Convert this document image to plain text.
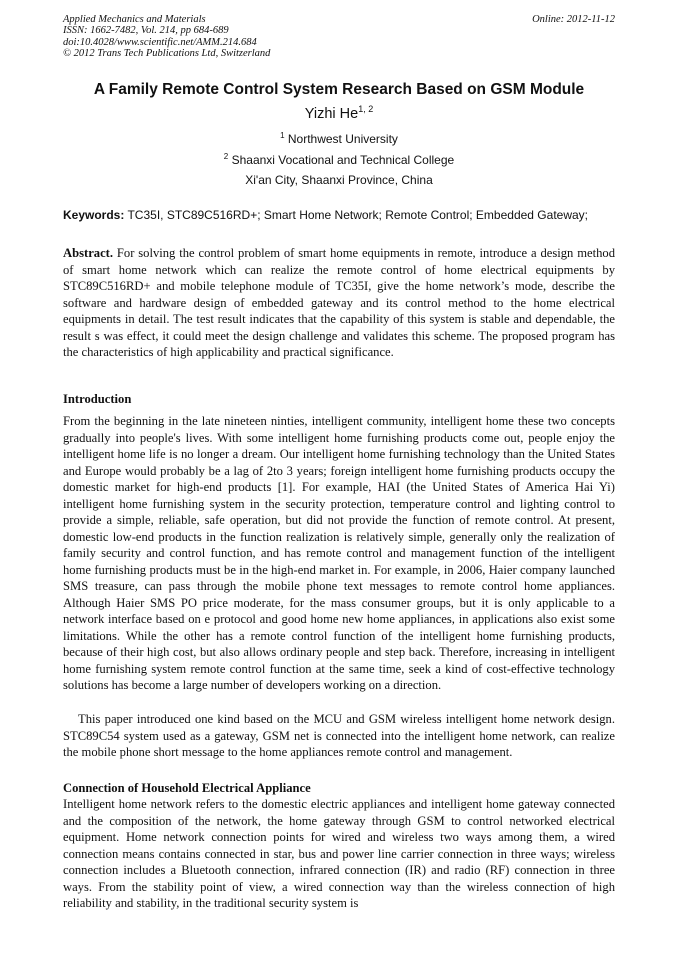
Applied Mechanics and Materials
ISSN: 1662-7482, Vol. 214, pp 684-689
doi:10.4028/www.scientific.net/AMM.214.684
© 2012 Trans Tech Publications Ltd, Switzerland
Online: 2012-11-12
A Family Remote Control System Research Based on GSM Module
Yizhi He$^{1, 2}$
$^1$ Northwest University
$^2$ Shaanxi Vocational and Technical College
Xi'an City, Shaanxi Province, China
Keywords: TC35I, STC89C516RD+; Smart Home Network; Remote Control; Embedded Gateway;

Abstract. For solving the control problem of smart home equipments in remote, introduce a design method of smart home network which can realize the remote control of home electrical equipments by STC89C516RD+ and mobile telephone module of TC35I, give the home network’s mode, describe the software and hardware design of embedded gateway and its control method to the home electrical equipments in detail. The test result indicates that the capability of this system is stable and dependable, the result s was effect, it could meet the design challenge and validates this scheme. The proposed program has the characteristics of high applicability and practical significance.

Introduction

From the beginning in the late nineteen ninties, intelligent community, intelligent home these two concepts gradually into people's lives. With some intelligent home furnishing products come out, people enjoy the intelligent home life is no longer a dream. Our intelligent home furnishing technology than the United States and Europe would probably be a lag of 2to 3 years; foreign intelligent home furnishing products occupy the domestic market for high-end products [1]. For example, HAI (the United States of America Hai Yi) intelligent home furnishing system in the security protection, temperature control and lighting control to provide a simple, reliable, safe operation, but did not provide the function of remote control. At present, domestic low-end products in the function realization is relatively simple, generally only the realization of family security and control function, and has remote control and management function of the intelligent home furnishing products must be in the high-end market in. For example, in 2006, Haier company launched SMS treasure, can pass through the mobile phone text messages to remote control home appliances. Although Haier SMS PO price moderate, for the mass consumer groups, but it is only applicable to a network interface based on e protocol and good home new home appliances, in applications also exist some limitations. While the other has a remote control function of the intelligent home furnishing products, because of their high cost, but also allows ordinary people and step back. Therefore, increasing in intelligent home furnishing system remote control function at the same time, seek a kind of cost-effective technology solutions has become a large number of developers working on a direction.

This paper introduced one kind based on the MCU and GSM wireless intelligent home network design. STC89C54 system used as a gateway, GSM net is connected into the intelligent home network, can realize the mobile phone short message to the home appliances remote control and management.

Connection of Household Electrical Appliance

Intelligent home network refers to the domestic electric appliances and intelligent home gateway connected and the composition of the network, the home gateway through GSM to control networked electrical equipment. Home network connection points for wired and wireless two ways among them, a wired connection means contains connected in star, bus and power line carrier connection in three ways; wireless connection includes a Bluetooth connection, infrared connection (IR) and radio (RF) connection in three ways. From the stability point of view, a wired connection way than the wireless connection of high reliability and stability, in the traditional security system is
